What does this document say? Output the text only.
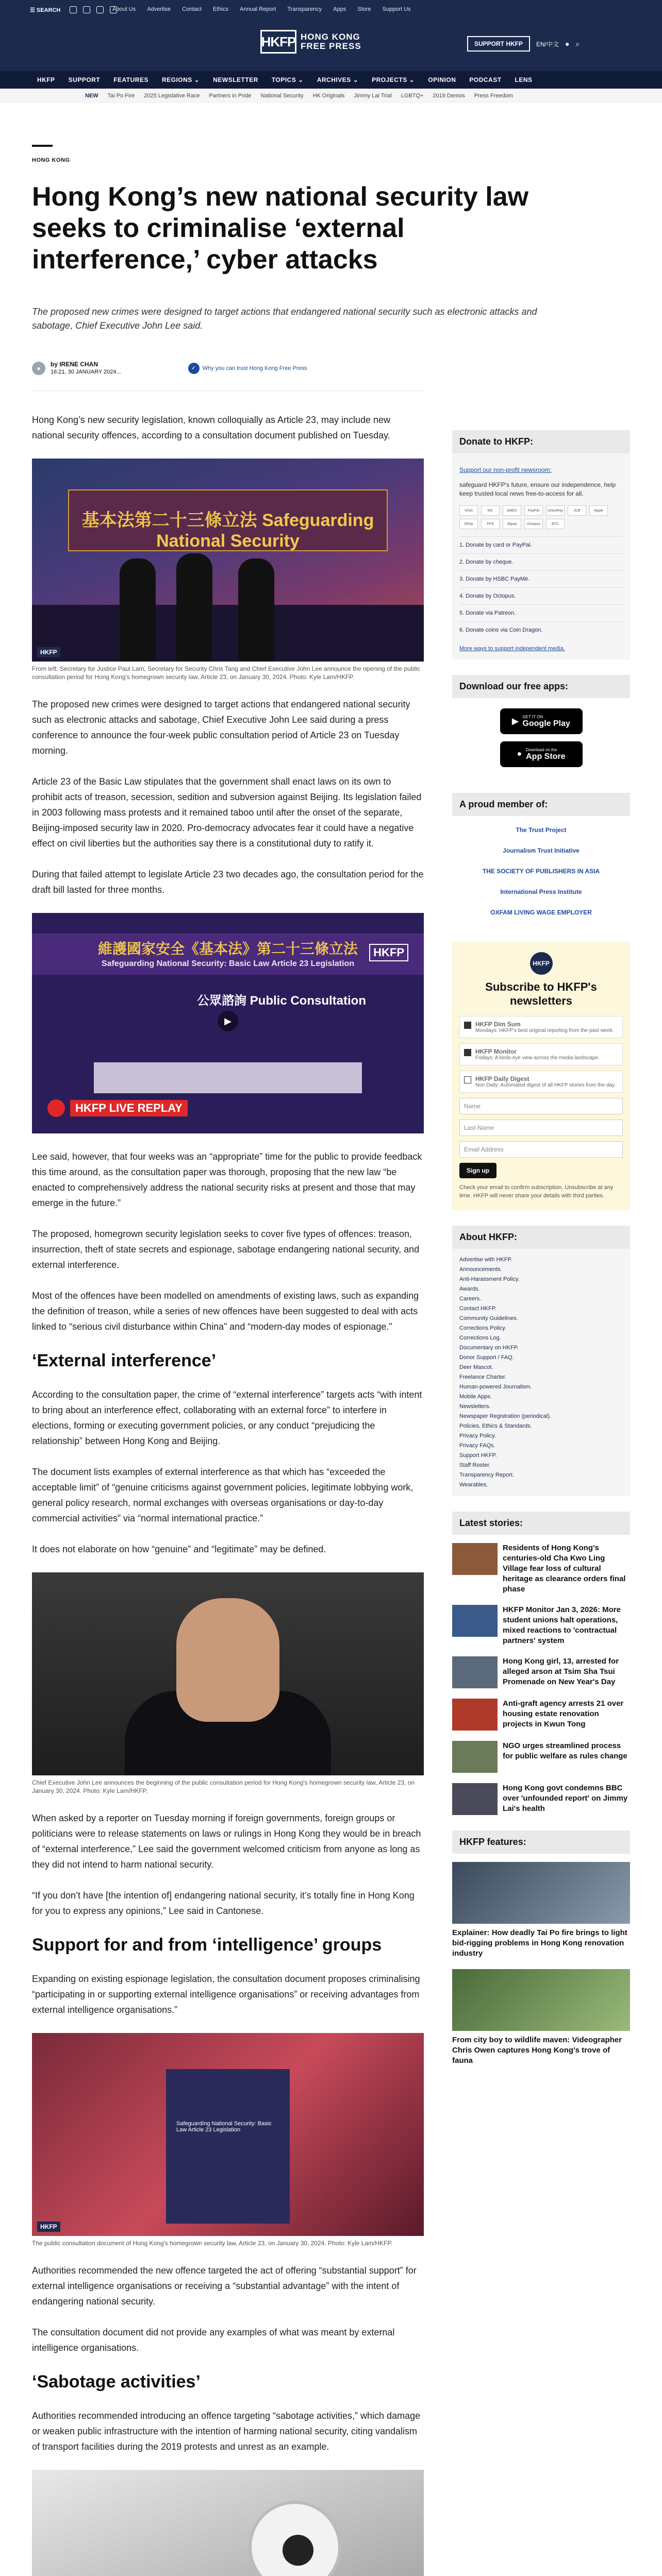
☰ SEARCH	About Us Advertise Contact Ethics Annual Report Transparency Apps Store Support Us
HKFP HONG KONG
FREE PRESS	SUPPORT HKFP	EN/中文 ● ⌕
HKFP SUPPORT FEATURES REGIONS ⌄ NEWSLETTER TOPICS ⌄ ARCHIVES ⌄ PROJECTS ⌄ OPINION PODCAST LENS
NEW Tai Po Fire 2025 Legislative Race Partners in Pride National Security HK Originals Jimmy Lai Trial LGBTQ+ 2019 Demos Press Freedom
HONG KONG
Hong Kong’s new national security law seeks to criminalise ‘external interference,’ cyber attacks

The proposed new crimes were designed to target actions that endangered national security such as electronic attacks and sabotage, Chief Executive John Lee said.

●
by IRENE CHAN
16:21, 30 JANUARY 2024...
✓	Why you can trust Hong Kong Free Press

Hong Kong’s new security legislation, known colloquially as Article 23, may include new national security offences, according to a consultation document published on Tuesday.

基本法第二十三條立法 Safeguarding National Security
HKFP
From left: Secretary for Justice Paul Lam, Secretary for Security Chris Tang and Chief Executive John Lee announce the opening of the public consultation period for Hong Kong's homegrown security law, Article 23, on January 30, 2024. Photo: Kyle Lam/HKFP.

The proposed new crimes were designed to target actions that endangered national security such as electronic attacks and sabotage, Chief Executive John Lee said during a press conference to announce the four-week public consultation period of Article 23 on Tuesday morning.

Article 23 of the Basic Law stipulates that the government shall enact laws on its own to prohibit acts of treason, secession, sedition and subversion against Beijing. Its legislation failed in 2003 following mass protests and it remained taboo until after the onset of the separate, Beijing-imposed security law in 2020. Pro-democracy advocates fear it could have a negative effect on civil liberties but the authorities say there is a constitutional duty to ratify it.

During that failed attempt to legislate Article 23 two decades ago, the consultation period for the draft bill lasted for three months.

維護國家安全《基本法》第二十三條立法
Safeguarding National Security: Basic Law Article 23 Legislation
HKFP
公眾諮詢 Public Consultation
▶
HKFP LIVE REPLAY

Lee said, however, that four weeks was an “appropriate” time for the public to provide feedback this time around, as the consultation paper was thorough, proposing that the new law “be enacted to comprehensively address the national security risks at present and those that may emerge in the future.”

The proposed, homegrown security legislation seeks to cover five types of offences: treason, insurrection, theft of state secrets and espionage, sabotage endangering national security, and external interference.

Most of the offences have been modelled on amendments of existing laws, such as expanding the definition of treason, while a series of new offences have been suggested to deal with acts linked to “serious civil disturbance within China” and “modern-day modes of espionage.”

‘External interference’

According to the consultation paper, the crime of “external interference” targets acts “with intent to bring about an interference effect, collaborating with an external force” to interfere in elections, forming or executing government policies, or any conduct “prejudicing the relationship” between Hong Kong and Beijing.

The document lists examples of external interference as that which has “exceeded the acceptable limit” of “genuine criticisms against government policies, legitimate lobbying work, general policy research, normal exchanges with overseas organisations or day-to-day commercial activities” via “normal international practice.”

It does not elaborate on how “genuine” and “legitimate” may be defined.

Chief Executive John Lee announces the beginning of the public consultation period for Hong Kong's homegrown security law, Article 23, on January 30, 2024. Photo: Kyle Lam/HKFP.

When asked by a reporter on Tuesday morning if foreign governments, foreign groups or politicians were to release statements on laws or rulings in Hong Kong they would be in breach of “external interference,” Lee said the government welcomed criticism from anyone as long as they did not intend to harm national security.

“If you don’t have [the intention of] endangering national security, it’s totally fine in Hong Kong for you to express any opinions,” Lee said in Cantonese.

Support for and from ‘intelligence’ groups

Expanding on existing espionage legislation, the consultation document proposes criminalising “participating in or supporting external intelligence organisations” or receiving advantages from external intelligence organisations.”

Safeguarding National Security: Basic Law Article 23 Legislation
HKFP
The public consultation document of Hong Kong's homegrown security law, Article 23, on January 30, 2024. Photo: Kyle Lam/HKFP.

Authorities recommended the new offence targeted the act of offering “substantial support” for external intelligence organisations or receiving a “substantial advantage” with the intent of endangering national security.

The consultation document did not provide any examples of what was meant by external intelligence organisations.

‘Sabotage activities’

Authorities recommended introducing an offence targeting “sabotage activities,” which damage or weaken public infrastructure with the intention of harming national security, citing vandalism of transport facilities during the 2019 protests and unrest as an example.

Donate to HKFP:

Support our non-profit newsroom:

safeguard HKFP's future, ensure our independence, help keep trusted local news free-to-access for all.

VISA	MC	AMEX	PayPal	UnionPay	JCB	Apple
GPay	FPS	Alipay	Octopus	BTC
1. Donate by card or PayPal.
2. Donate by cheque.
3. Donate by HSBC PayMe.
4. Donate by Octopus.
5. Donate via Patreon.
6. Donate coins via Coin Dragon.

More ways to support independent media.

Download our free apps:
▶
GET IT ON
Google Play
● Download on the
App Store
A proud member of:
The Trust Project
Journalism Trust Initiative
THE SOCIETY OF PUBLISHERS IN ASIA
International Press Institute
OXFAM LIVING WAGE EMPLOYER
HKFP
Subscribe to HKFP's newsletters
HKFP Dim Sum
Mondays: HKFP's best original reporting from the past week.
HKFP Monitor
Fridays: A birds-eye view across the media landscape.
HKFP Daily Digest
Non Daily: Automated digest of all HKFP stories from the day.
Name
Last Name
Email Address
Sign up

Check your email to confirm subscription. Unsubscribe at any time. HKFP will never share your details with third parties.

About HKFP:
Advertise with HKFP.
Announcements.
Anti-Harassment Policy.
Awards.
Careers.
Contact HKFP.
Community Guidelines.
Corrections Policy.
Corrections Log.
Documentary on HKFP.
Donor Support / FAQ.
Deer Mascot.
Freelance Charter.
Human-powered Journalism.
Mobile Apps.
Newsletters.
Newspaper Registration (periodical).
Policies, Ethics & Standards.
Privacy Policy.
Privacy FAQs.
Support HKFP.
Staff Roster.
Transparency Report.
Wearables.
Latest stories:
Residents of Hong Kong's centuries-old Cha Kwo Ling Village fear loss of cultural heritage as clearance orders final phase
HKFP Monitor Jan 3, 2026: More student unions halt operations, mixed reactions to 'contractual partners' system
Hong Kong girl, 13, arrested for alleged arson at Tsim Sha Tsui Promenade on New Year's Day
Anti-graft agency arrests 21 over housing estate renovation projects in Kwun Tong
NGO urges streamlined process for public welfare as rules change
Hong Kong govt condemns BBC over 'unfounded report' on Jimmy Lai's health
HKFP features:
Explainer: How deadly Tai Po fire brings to light bid-rigging problems in Hong Kong renovation industry
From city boy to wildlife maven: Videographer Chris Owen captures Hong Kong's trove of fauna
